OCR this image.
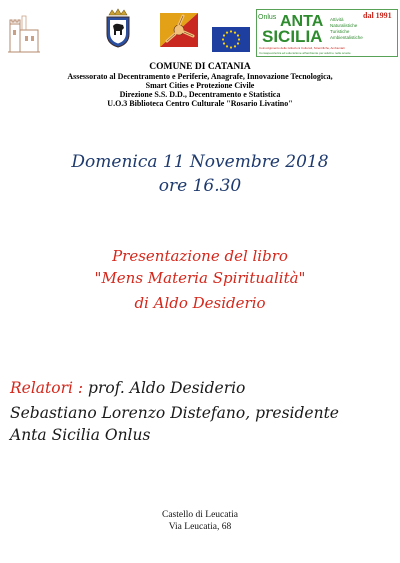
Onlus ANTA
SICILIA
dal 1991
Attività
Naturalistiche
Turistiche
Ambientalistiche
Coinvolgimento delle Istituzioni Culturali, Scientifiche, Ambientali
Consapevolezza ed educazione all'ambiente per adulti e nelle scuole
COMUNE DI CATANIA
Assessorato al Decentramento e Periferie, Anagrafe, Innovazione Tecnologica,
Smart Cities e Protezione Civile
Direzione S.S. D.D., Decentramento e Statistica
U.O.3 Biblioteca Centro Culturale "Rosario Livatino"
Domenica 11 Novembre 2018
ore 16.30
Presentazione del libro
"Mens Materia Spiritualità"
di Aldo Desiderio
Relatori : prof. Aldo Desiderio
Sebastiano Lorenzo Distefano, presidente
Anta Sicilia Onlus
Castello di Leucatia
Via Leucatia, 68
